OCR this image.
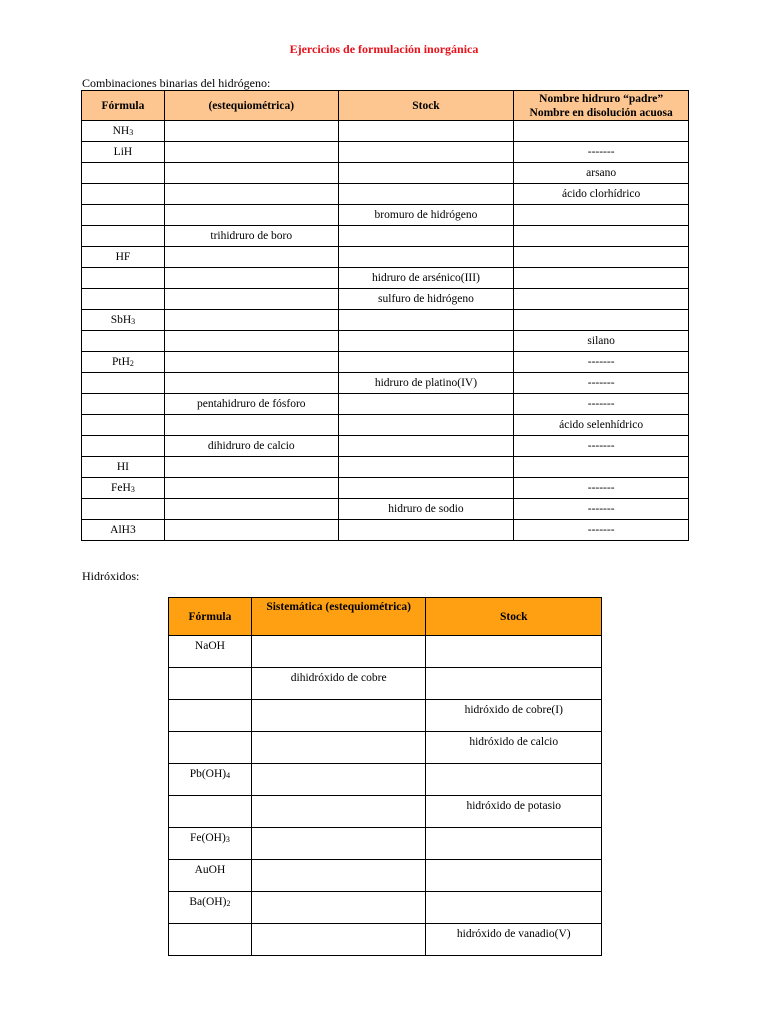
Ejercicios de formulación inorgánica
Combinaciones binarias del hidrógeno:
Fórmula	(estequiométrica)	Stock	Nombre hidruro “padre”
Nombre en disolución acuosa

$NH_3$			
LiH			-------
			arsano
			ácido clorhídrico
		bromuro de hidrógeno	
	trihidruro de boro		
HF			
		hidruro de arsénico(III)	
		sulfuro de hidrógeno	
SbH$_3$			
			silano
PtH$_2$			-------
		hidruro de platino(IV)	-------
	pentahidruro de fósforo		-------
			ácido selenhídrico
	dihidruro de calcio		-------
HI			
FeH$_3$			-------
		hidruro de sodio	-------
AlH3			-------
Hidróxidos:
Fórmula	Sistemática (estequiométrica)	Stock
NaOH		
	dihidróxido de cobre	
		hidróxido de cobre(I)
		hidróxido de calcio
$Pb(OH)_4$		
		hidróxido de potasio
$Fe(OH)_3$		
AuOH		
$Ba(OH)_2$		
		hidróxido de vanadio(V)
